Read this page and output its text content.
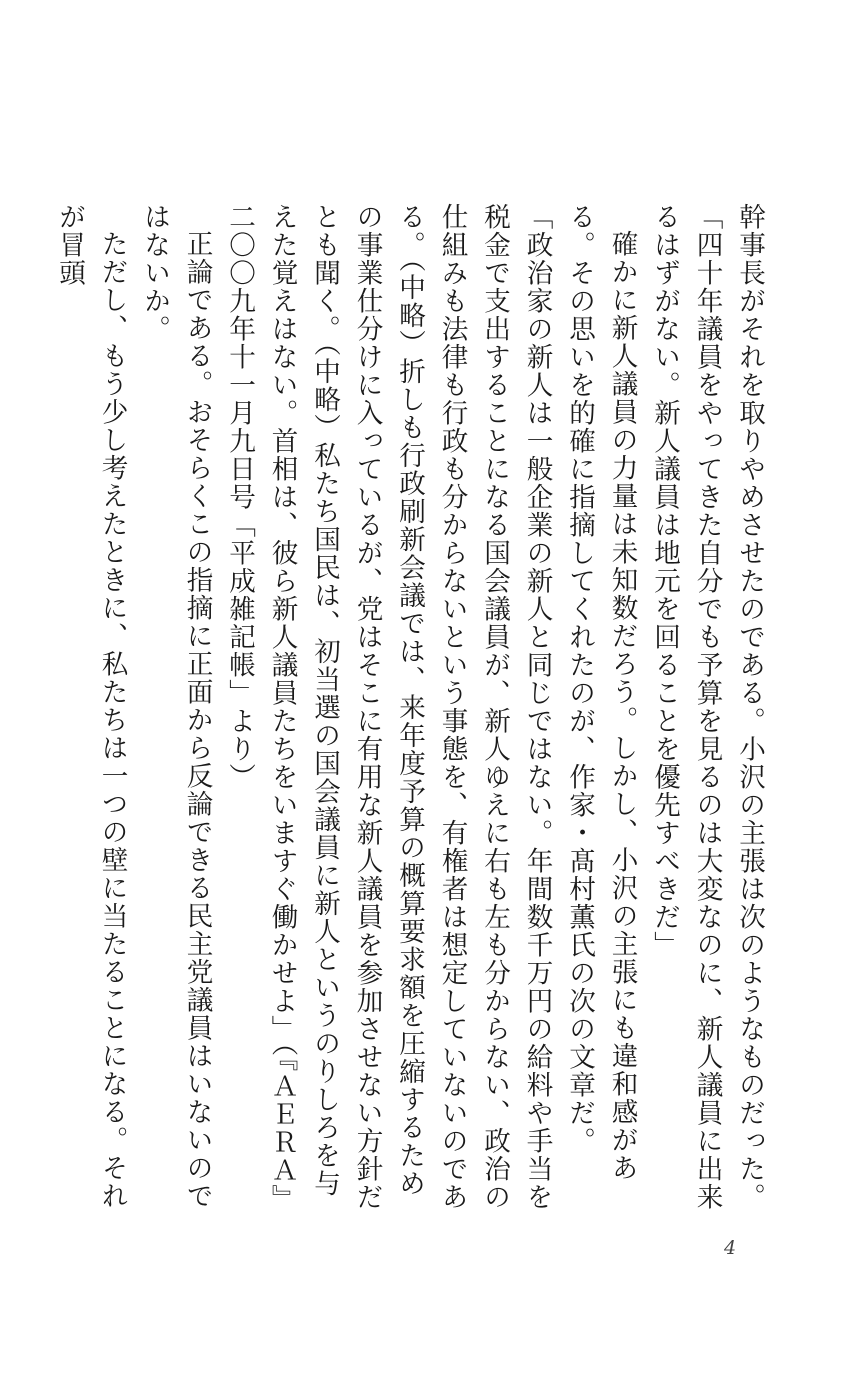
幹事長がそれを取りやめさせたのである。小沢の主張は次のようなものだった。

「四十年議員をやってきた自分でも予算を見るのは大変なのに、新人議員に出来るはずがない。新人議員は地元を回ることを優先すべきだ」

確かに新人議員の力量は未知数だろう。しかし、小沢の主張にも違和感がある。その思いを的確に指摘してくれたのが、作家・髙村薫氏の次の文章だ。

「政治家の新人は一般企業の新人と同じではない。年間数千万円の給料や手当を税金で支出することになる国会議員が、新人ゆえに右も左も分からない、政治の仕組みも法律も行政も分からないという事態を、有権者は想定していないのである。（中略）折しも行政刷新会議では、来年度予算の概算要求額を圧縮するための事業仕分けに入っているが、党はそこに有用な新人議員を参加させない方針だとも聞く。（中略）私たち国民は、初当選の国会議員に新人というのりしろを与えた覚えはない。首相は、彼ら新人議員たちをいますぐ働かせよ」（『ＡＥＲＡ』二〇〇九年十一月九日号「平成雑記帳」より）

正論である。おそらくこの指摘に正面から反論できる民主党議員はいないのではないか。

ただし、もう少し考えたときに、私たちは一つの壁に当たることになる。それが冒頭

4
